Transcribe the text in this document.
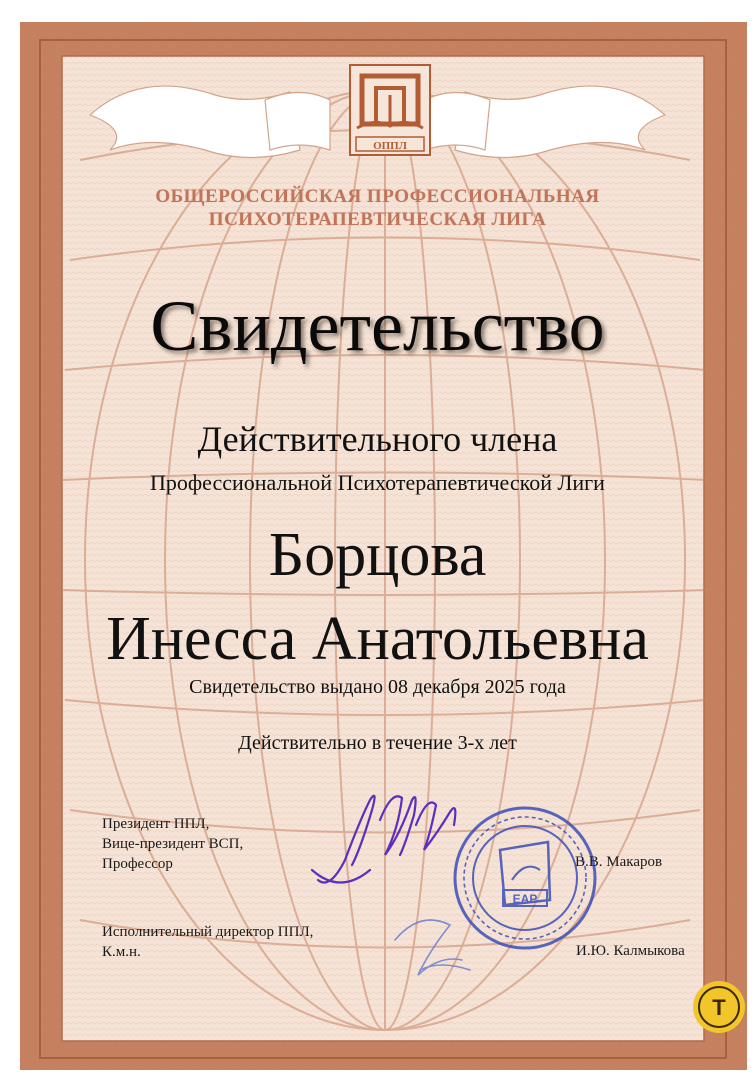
ОППЛ
ЕАР
T

ОБЩЕРОССИЙСКАЯ ПРОФЕССИОНАЛЬНАЯ

ПСИХОТЕРАПЕВТИЧЕСКАЯ ЛИГА

Свидетельство

Действительного члена

Профессиональной Психотерапевтической Лиги

Борцова

Инесса Анатольевна

Свидетельство выдано 08 декабря 2025 года

Действительно в течение 3-х лет

Президент ППЛ,
Вице-президент ВСП,
Профессор	В.В. Макаров
Исполнительный директор ППЛ,
К.м.н.	И.Ю. Калмыкова
